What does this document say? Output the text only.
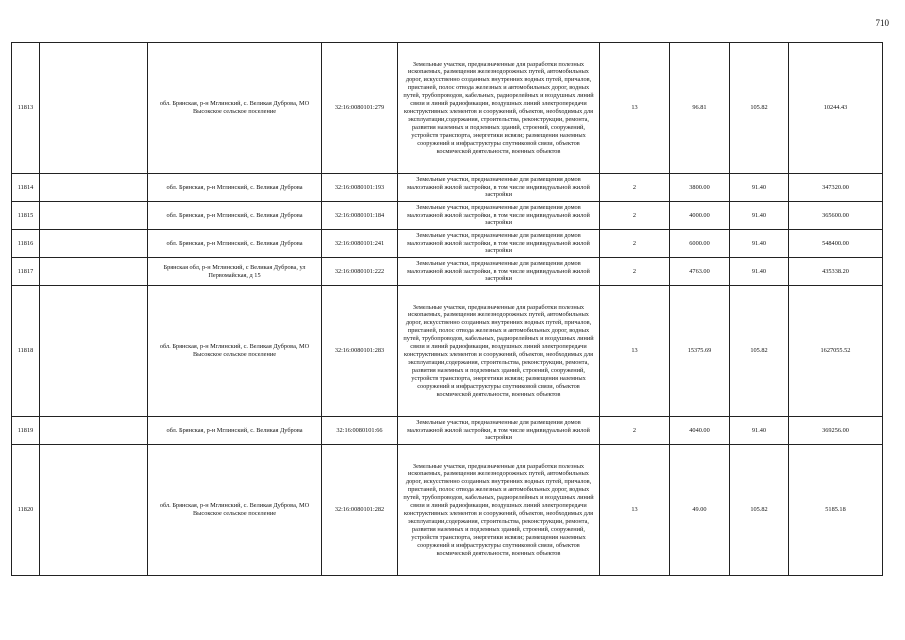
710
11813		обл. Брянская, р-н Мглинский, с. Великая Дуброва, МО Высокское сельское поселение	32:16:0080101:279	Земельные участки, предназначенные для разработки полезных ископаемых, размещения железнодорожных путей, автомобильных дорог, искусственно созданных внутренних водных путей, причалов, пристаней, полос отвода железных и автомобильных дорог, водных путей, трубопроводов, кабельных, радиорелейных и воздушных линий связи и линий радиофикации, воздушных линий электропередачи конструктивных элементов и сооружений, объектов, необходимых для эксплуатации,содержания, строительства, реконструкции, ремонта, развития наземных и подземных зданий, строений, сооружений, устройств транспорта, энергетики исвязи; размещения наземных сооружений и инфраструктуры спутниковой связи, объектов космической деятельности, военных объектов	13	96.81	105.82	10244.43
11814		обл. Брянская, р-н Мглинский, с. Великая Дуброва	32:16:0080101:193	Земельные участки, предназначенные для размещения домов малоэтажной жилой застройки, в том числе индивидуальной жилой застройки	2	3800.00	91.40	347320.00
11815		обл. Брянская, р-н Мглинский, с. Великая Дуброва	32:16:0080101:184	Земельные участки, предназначенные для размещения домов малоэтажной жилой застройки, в том числе индивидуальной жилой застройки	2	4000.00	91.40	365600.00
11816		обл. Брянская, р-н Мглинский, с. Великая Дуброва	32:16:0080101:241	Земельные участки, предназначенные для размещения домов малоэтажной жилой застройки, в том числе индивидуальной жилой застройки	2	6000.00	91.40	548400.00
11817		Брянская обл, р-н Мглинский, с Великая Дуброва, ул Первомайская, д 15	32:16:0080101:222	Земельные участки, предназначенные для размещения домов малоэтажной жилой застройки, в том числе индивидуальной жилой застройки	2	4763.00	91.40	435338.20
11818		обл. Брянская, р-н Мглинский, с. Великая Дуброва, МО Высокское сельское поселение	32:16:0080101:283	Земельные участки, предназначенные для разработки полезных ископаемых, размещения железнодорожных путей, автомобильных дорог, искусственно созданных внутренних водных путей, причалов, пристаней, полос отвода железных и автомобильных дорог, водных путей, трубопроводов, кабельных, радиорелейных и воздушных линий связи и линий радиофикации, воздушных линий электропередачи конструктивных элементов и сооружений, объектов, необходимых для эксплуатации,содержания, строительства, реконструкции, ремонта, развития наземных и подземных зданий, строений, сооружений, устройств транспорта, энергетики исвязи; размещения наземных сооружений и инфраструктуры спутниковой связи, объектов космической деятельности, военных объектов	13	15375.69	105.82	1627055.52
11819		обл. Брянская, р-н Мглинский, с. Великая Дуброва	32:16:0080101:66	Земельные участки, предназначенные для размещения домов малоэтажной жилой застройки, в том числе индивидуальной жилой застройки	2	4040.00	91.40	369256.00
11820		обл. Брянская, р-н Мглинский, с. Великая Дуброва, МО Высокское сельское поселение	32:16:0080101:282	Земельные участки, предназначенные для разработки полезных ископаемых, размещения железнодорожных путей, автомобильных дорог, искусственно созданных внутренних водных путей, причалов, пристаней, полос отвода железных и автомобильных дорог, водных путей, трубопроводов, кабельных, радиорелейных и воздушных линий связи и линий радиофикации, воздушных линий электропередачи конструктивных элементов и сооружений, объектов, необходимых для эксплуатации,содержания, строительства, реконструкции, ремонта, развития наземных и подземных зданий, строений, сооружений, устройств транспорта, энергетики исвязи; размещения наземных сооружений и инфраструктуры спутниковой связи, объектов космической деятельности, военных объектов	13	49.00	105.82	5185.18
